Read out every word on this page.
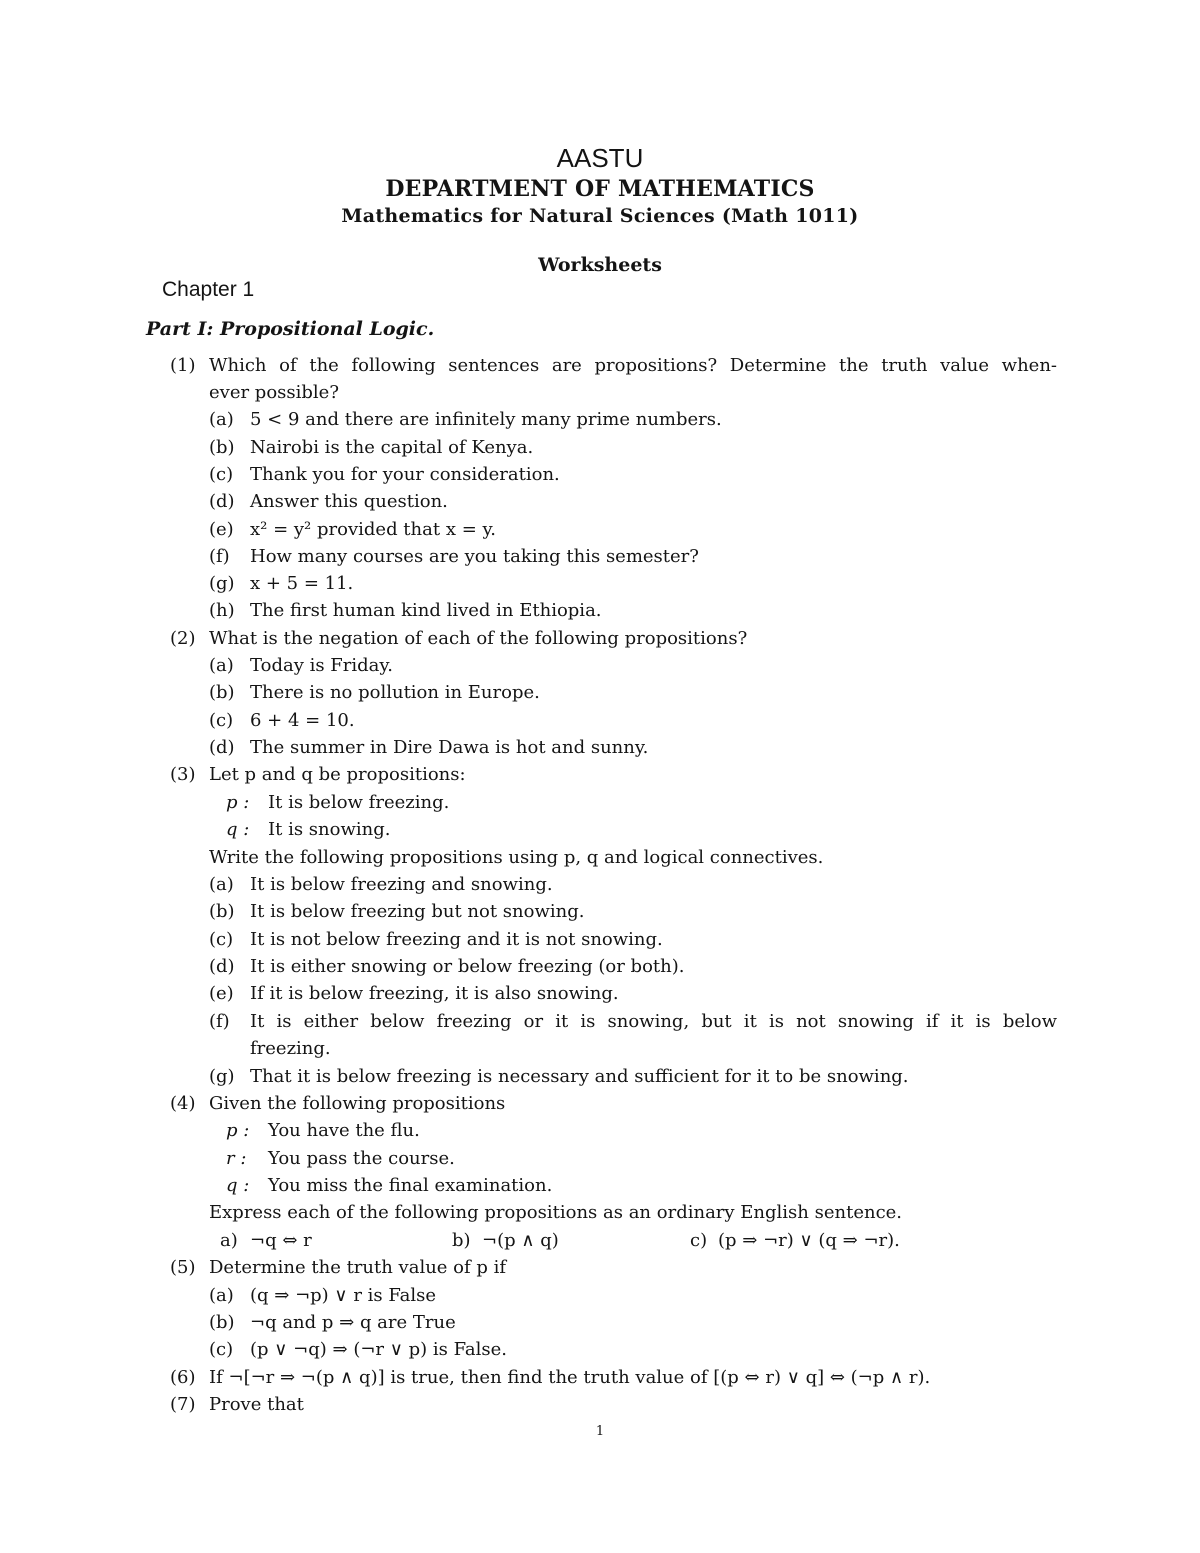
AASTU
DEPARTMENT OF MATHEMATICS
Mathematics for Natural Sciences (Math 1011)
Worksheets
Chapter 1
Part I: Propositional Logic.
(1) Which of the following sentences are propositions? Determine the truth value when-
ever possible?
(a) 5 < 9 and there are infinitely many prime numbers.
(b) Nairobi is the capital of Kenya.
(c) Thank you for your consideration.
(d) Answer this question.
(e) x² = y² provided that x = y.
(f) How many courses are you taking this semester?
(g) x + 5 = 11.
(h) The first human kind lived in Ethiopia.
(2) What is the negation of each of the following propositions?
(a) Today is Friday.
(b) There is no pollution in Europe.
(c) 6 + 4 = 10.
(d) The summer in Dire Dawa is hot and sunny.
(3) Let p and q be propositions:
p : It is below freezing.
q : It is snowing.
Write the following propositions using p, q and logical connectives.
(a) It is below freezing and snowing.
(b) It is below freezing but not snowing.
(c) It is not below freezing and it is not snowing.
(d) It is either snowing or below freezing (or both).
(e) If it is below freezing, it is also snowing.
(f) It is either below freezing or it is snowing, but it is not snowing if it is below
freezing.
(g) That it is below freezing is necessary and sufficient for it to be snowing.
(4) Given the following propositions
p : You have the flu.
r : You pass the course.
q : You miss the final examination.
Express each of the following propositions as an ordinary English sentence.
a) ¬q ⇔ r	b) ¬(p ∧ q)	c) (p ⇒ ¬r) ∨ (q ⇒ ¬r).
(5) Determine the truth value of p if
(a) (q ⇒ ¬p) ∨ r is False
(b) ¬q and p ⇒ q are True
(c) (p ∨ ¬q) ⇒ (¬r ∨ p) is False.
(6) If ¬[¬r ⇒ ¬(p ∧ q)] is true, then find the truth value of [(p ⇔ r) ∨ q] ⇔ (¬p ∧ r).
(7) Prove that
1
